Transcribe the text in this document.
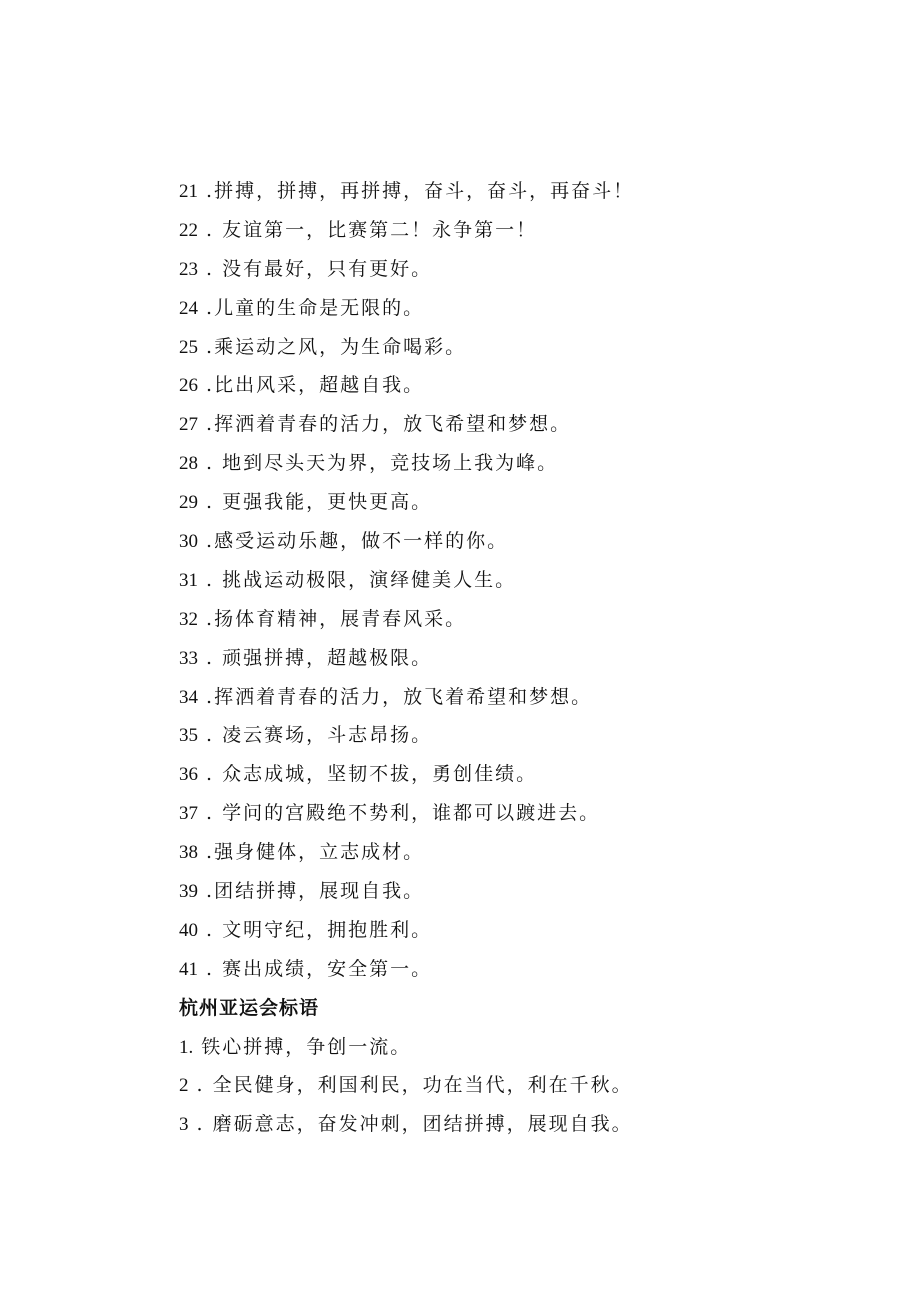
21 .拼搏，拼搏，再拼搏，奋斗，奋斗，再奋斗！
22 . 友谊第一，比赛第二！永争第一！
23 . 没有最好，只有更好。
24 .儿童的生命是无限的。
25 .乘运动之风，为生命喝彩。
26 .比出风采，超越自我。
27 .挥洒着青春的活力，放飞希望和梦想。
28 . 地到尽头天为界，竞技场上我为峰。
29 . 更强我能，更快更高。
30 .感受运动乐趣，做不一样的你。
31 . 挑战运动极限，演绎健美人生。
32 .扬体育精神，展青春风采。
33 . 顽强拼搏，超越极限。
34 .挥洒着青春的活力，放飞着希望和梦想。
35 . 凌云赛场，斗志昂扬。
36 . 众志成城，坚韧不拔，勇创佳绩。
37 . 学问的宫殿绝不势利，谁都可以踱进去。
38 .强身健体，立志成材。
39 .团结拼搏，展现自我。
40 . 文明守纪，拥抱胜利。
41 . 赛出成绩，安全第一。
杭州亚运会标语
1. 铁心拼搏，争创一流。
2 . 全民健身，利国利民，功在当代，利在千秋。
3 . 磨砺意志，奋发冲刺，团结拼搏，展现自我。
